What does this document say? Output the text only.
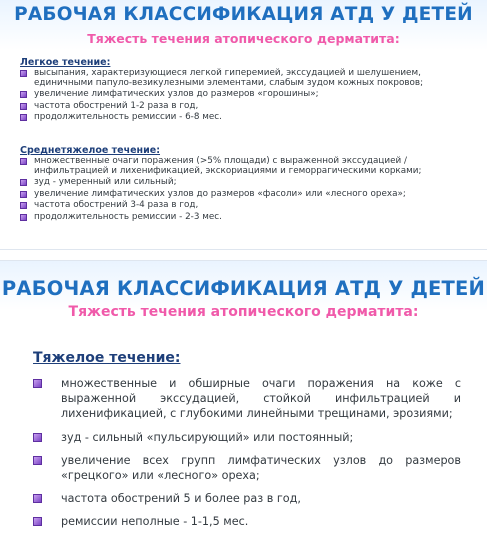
РАБОЧАЯ КЛАССИФИКАЦИЯ АТД У ДЕТЕЙ
Тяжесть течения атопического дерматита:
Легкое течение:
высыпания, характеризующиеся легкой гиперемией, экссудацией и шелушением, единичными папуло-везикулезными элементами, слабым зудом кожных покровов;
увеличение лимфатических узлов до размеров «горошины»;
частота обострений 1-2 раза в год,
продолжительность ремиссии - 6-8 мес.
Среднетяжелое течение:
множественные очаги поражения (>5% площади) с выраженной экссудацией / инфильтрацией и лихенификацией, экскориациями и геморрагическими корками;
зуд - умеренный или сильный;
увеличение лимфатических узлов до размеров «фасоли» или «лесного ореха»;
частота обострений 3-4 раза в год,
продолжительность ремиссии - 2-3 мес.
РАБОЧАЯ КЛАССИФИКАЦИЯ АТД У ДЕТЕЙ
Тяжесть течения атопического дерматита:
Тяжелое течение:
множественные и обширные очаги поражения на коже с выраженной экссудацией, стойкой инфильтрацией и лихенификацией, с глубокими линейными трещинами, эрозиями;
зуд - сильный «пульсирующий» или постоянный;
увеличение всех групп лимфатических узлов до размеров «грецкого» или «лесного» ореха;
частота обострений 5 и более раз в год,
ремиссии неполные - 1-1,5 мес.
